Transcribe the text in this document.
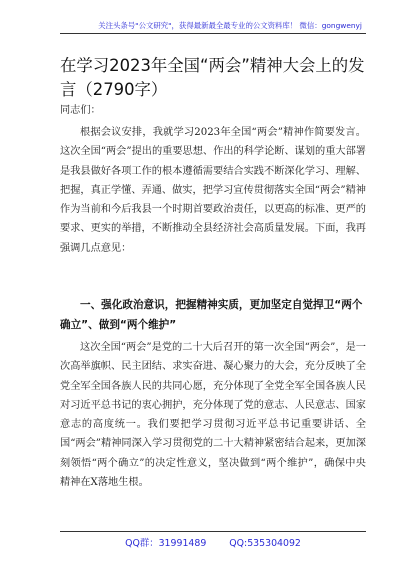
关注头条号"公文研究"，获得最新最全最专业的公文资料库！ 微信：gongwenyj
在学习2023年全国“两会”精神大会上的发言（2790字）
同志们：

根据会议安排，我就学习2023年全国“两会”精神作简要发言。这次全国“两会”提出的重要思想、作出的科学论断、谋划的重大部署是我县做好各项工作的根本遵循需要结合实践不断深化学习、理解、把握，真正学懂、弄通、做实，把学习宣传贯彻落实全国“两会”精神作为当前和今后我县一个时期首要政治责任，以更高的标准、更严的要求、更实的举措，不断推动全县经济社会高质量发展。下面，我再强调几点意见：

一、强化政治意识，把握精神实质，更加坚定自觉捍卫“两个确立”、做到“两个维护”

这次全国“两会”是党的二十大后召开的第一次全国“两会”，是一次高举旗帜、民主团结、求实奋进、凝心聚力的大会，充分反映了全党全军全国各族人民的共同心愿，充分体现了全党全军全国各族人民对习近平总书记的衷心拥护，充分体现了党的意志、人民意志、国家意志的高度统一。我们要把学习贯彻习近平总书记重要讲话、全国“两会”精神同深入学习贯彻党的二十大精神紧密结合起来，更加深刻领悟“两个确立”的决定性意义，坚决做到“两个维护”，确保中央精神在X落地生根。

QQ群：31991489 QQ:535304092
